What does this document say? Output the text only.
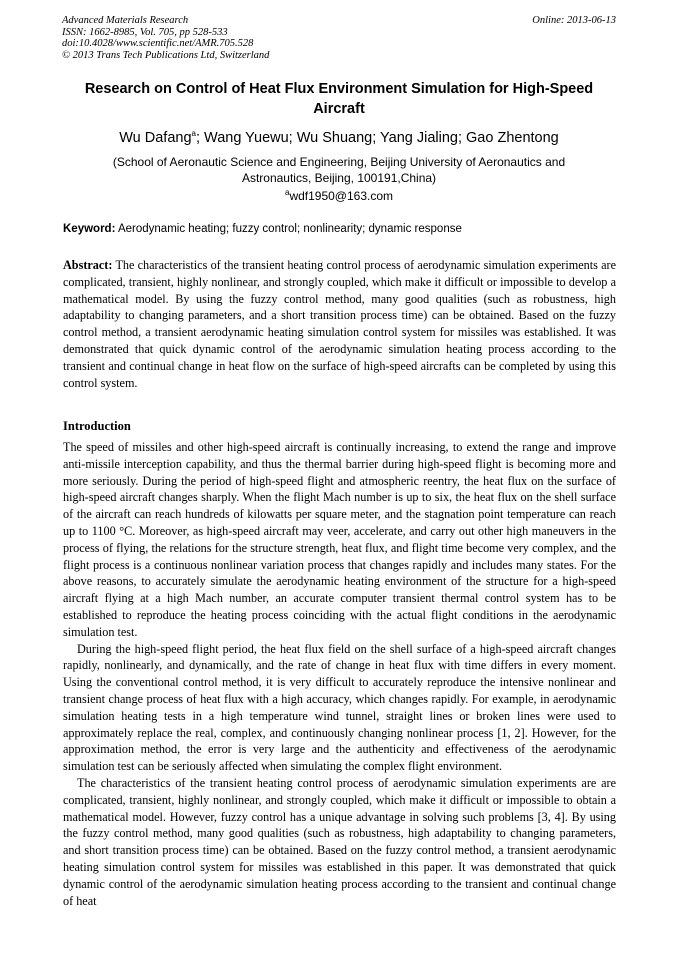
Advanced Materials Research
ISSN: 1662-8985, Vol. 705, pp 528-533
doi:10.4028/www.scientific.net/AMR.705.528
© 2013 Trans Tech Publications Ltd, Switzerland
Online: 2013-06-13
Research on Control of Heat Flux Environment Simulation for High-Speed Aircraft
Wu Dafang$^a$; Wang Yuewu; Wu Shuang; Yang Jialing; Gao Zhentong
(School of Aeronautic Science and Engineering, Beijing University of Aeronautics and Astronautics, Beijing, 100191,China)
$^a$wdf1950@163.com
Keyword: Aerodynamic heating; fuzzy control; nonlinearity; dynamic response
Abstract: The characteristics of the transient heating control process of aerodynamic simulation experiments are complicated, transient, highly nonlinear, and strongly coupled, which make it difficult or impossible to develop a mathematical model. By using the fuzzy control method, many good qualities (such as robustness, high adaptability to changing parameters, and a short transition process time) can be obtained. Based on the fuzzy control method, a transient aerodynamic heating simulation control system for missiles was established. It was demonstrated that quick dynamic control of the aerodynamic simulation heating process according to the transient and continual change in heat flow on the surface of high-speed aircrafts can be completed by using this control system.
Introduction

The speed of missiles and other high-speed aircraft is continually increasing, to extend the range and improve anti-missile interception capability, and thus the thermal barrier during high-speed flight is becoming more and more seriously. During the period of high-speed flight and atmospheric reentry, the heat flux on the surface of high-speed aircraft changes sharply. When the flight Mach number is up to six, the heat flux on the shell surface of the aircraft can reach hundreds of kilowatts per square meter, and the stagnation point temperature can reach up to 1100 °C. Moreover, as high-speed aircraft may veer, accelerate, and carry out other high maneuvers in the process of flying, the relations for the structure strength, heat flux, and flight time become very complex, and the flight process is a continuous nonlinear variation process that changes rapidly and includes many states. For the above reasons, to accurately simulate the aerodynamic heating environment of the structure for a high-speed aircraft flying at a high Mach number, an accurate computer transient thermal control system has to be established to reproduce the heating process coinciding with the actual flight conditions in the aerodynamic simulation test.

During the high-speed flight period, the heat flux field on the shell surface of a high-speed aircraft changes rapidly, nonlinearly, and dynamically, and the rate of change in heat flux with time differs in every moment. Using the conventional control method, it is very difficult to accurately reproduce the intensive nonlinear and transient change process of heat flux with a high accuracy, which changes rapidly. For example, in aerodynamic simulation heating tests in a high temperature wind tunnel, straight lines or broken lines were used to approximately replace the real, complex, and continuously changing nonlinear process [1, 2]. However, for the approximation method, the error is very large and the authenticity and effectiveness of the aerodynamic simulation test can be seriously affected when simulating the complex flight environment.

The characteristics of the transient heating control process of aerodynamic simulation experiments are are complicated, transient, highly nonlinear, and strongly coupled, which make it difficult or impossible to obtain a mathematical model. However, fuzzy control has a unique advantage in solving such problems [3, 4]. By using the fuzzy control method, many good qualities (such as robustness, high adaptability to changing parameters, and short transition process time) can be obtained. Based on the fuzzy control method, a transient aerodynamic heating simulation control system for missiles was established in this paper. It was demonstrated that quick dynamic control of the aerodynamic simulation heating process according to the transient and continual change of heat
